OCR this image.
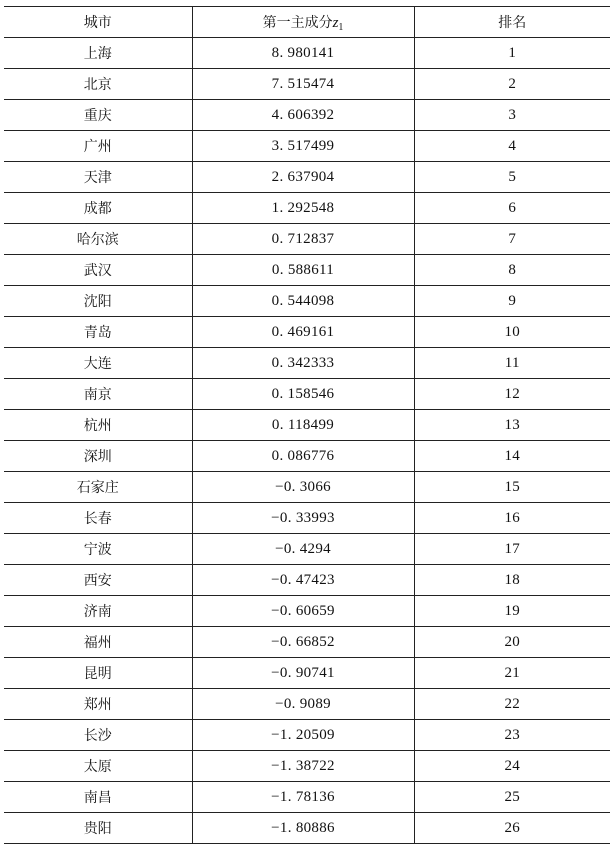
城市	第一主成分$z_1$	排名
上海	8. 980141	1
北京	7. 515474	2
重庆	4. 606392	3
广州	3. 517499	4
天津	2. 637904	5
成都	1. 292548	6
哈尔滨	0. 712837	7
武汉	0. 588611	8
沈阳	0. 544098	9
青岛	0. 469161	10
大连	0. 342333	11
南京	0. 158546	12
杭州	0. 118499	13
深圳	0. 086776	14
石家庄	−0. 3066	15
长春	−0. 33993	16
宁波	−0. 4294	17
西安	−0. 47423	18
济南	−0. 60659	19
福州	−0. 66852	20
昆明	−0. 90741	21
郑州	−0. 9089	22
长沙	−1. 20509	23
太原	−1. 38722	24
南昌	−1. 78136	25
贵阳	−1. 80886	26
